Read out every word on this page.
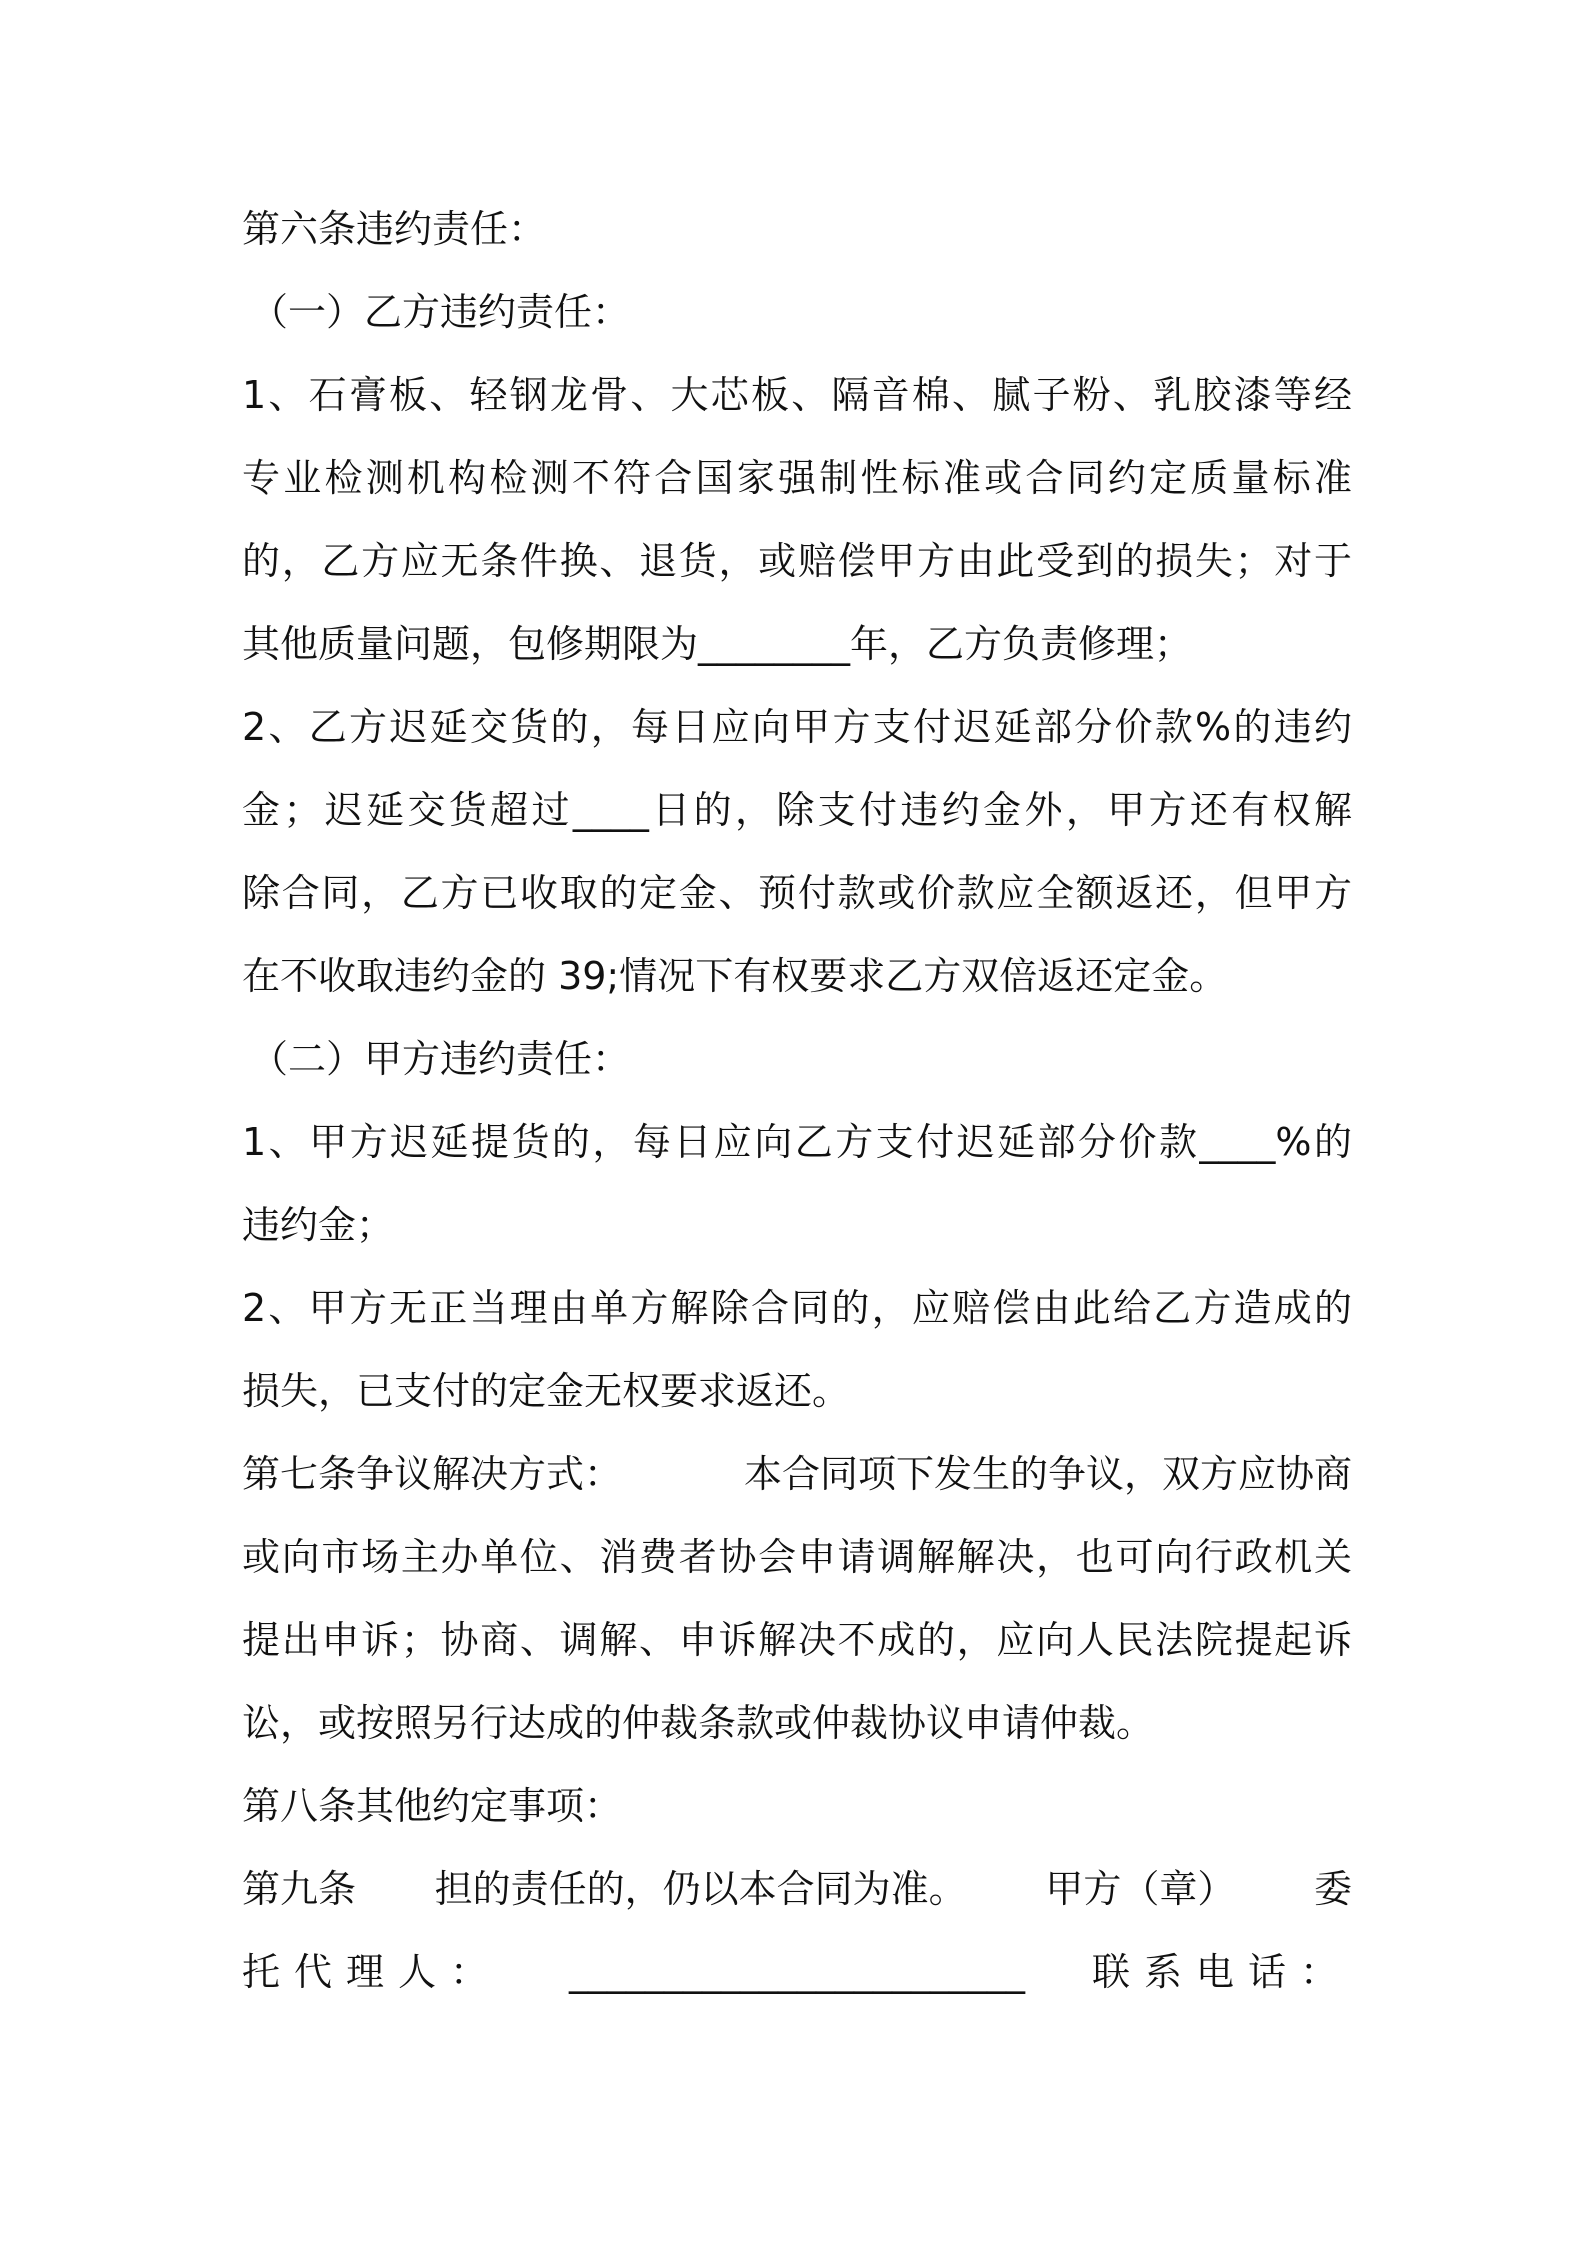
第六条违约责任：
（一）乙方违约责任：
1、石膏板、轻钢龙骨、大芯板、隔音棉、腻子粉、乳胶漆等经
专业检测机构检测不符合国家强制性标准或合同约定质量标准
的，乙方应无条件换、退货，或赔偿甲方由此受到的损失；对于
其他质量问题，包修期限为________年，乙方负责修理；
2、乙方迟延交货的，每日应向甲方支付迟延部分价款%的违约
金；迟延交货超过____日的，除支付违约金外，甲方还有权解
除合同，乙方已收取的定金、预付款或价款应全额返还，但甲方
在不收取违约金的 39;情况下有权要求乙方双倍返还定金。
（二）甲方违约责任：
1、甲方迟延提货的，每日应向乙方支付迟延部分价款____%的
违约金；
2、甲方无正当理由单方解除合同的，应赔偿由此给乙方造成的
损失，已支付的定金无权要求返还。
第七条争议解决方式：	本合同项下发生的争议，双方应协商
或向市场主办单位、消费者协会申请调解解决，也可向行政机关
提出申诉；协商、调解、申诉解决不成的，应向人民法院提起诉
讼，或按照另行达成的仲裁条款或仲裁协议申请仲裁。
第八条其他约定事项：
第九条 担的责任的，仍以本合同为准。 甲方（章） 委
托代理人： ________________________ 联系电话：
